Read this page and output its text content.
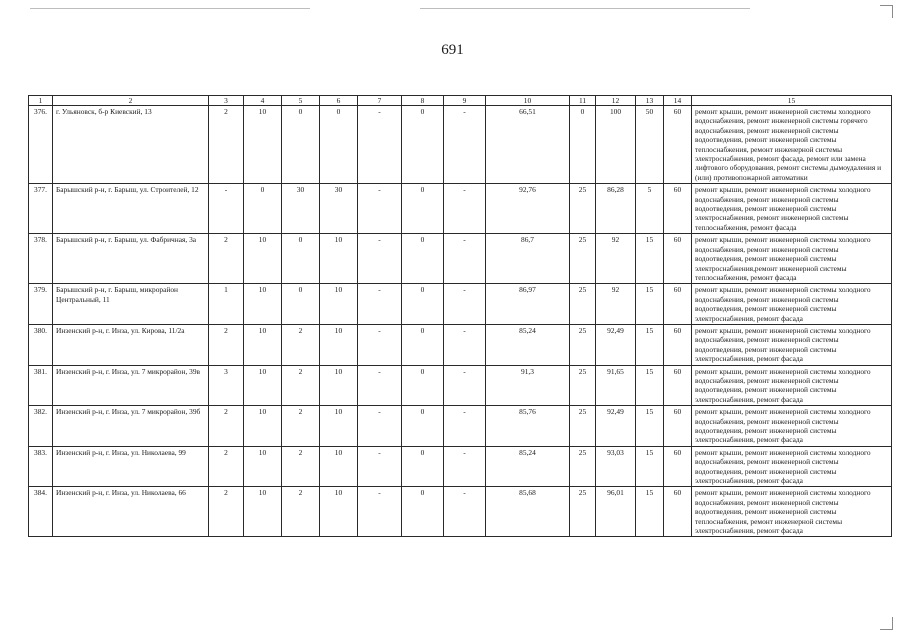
691
1	2	3	4	5	6	7	8	9	10	11	12	13	14	15
376.	г. Ульяновск, б-р Киевский, 13	2	10	0	0	-	0	-	66,51	0	100	50	60	ремонт крыши, ремонт инженерной системы холодного водоснабжения, ремонт инженерной системы горячего водоснабжения, ремонт инженерной системы водоотведения, ремонт инженерной системы теплоснабжения, ремонт инженерной системы электроснабжения, ремонт фасада, ремонт или замена лифтового оборудования, ремонт системы дымоудаления и (или) противопожарной автоматики
377.	Барышский р-н, г. Барыш, ул. Строителей, 12	-	0	30	30	-	0	-	92,76	25	86,28	5	60	ремонт крыши, ремонт инженерной системы холодного водоснабжения, ремонт инженерной системы водоотведения, ремонт инженерной системы электроснабжения, ремонт инженерной системы теплоснабжения, ремонт фасада
378.	Барышский р-н, г. Барыш, ул. Фабричная, 3а	2	10	0	10	-	0	-	86,7	25	92	15	60	ремонт крыши, ремонт инженерной системы холодного водоснабжения, ремонт инженерной системы водоотведения, ремонт инженерной системы электроснабжения,ремонт инженерной системы теплоснабжения, ремонт фасада
379.	Барышский р-н, г. Барыш, микрорайон Центральный, 11	1	10	0	10	-	0	-	86,97	25	92	15	60	ремонт крыши, ремонт инженерной системы холодного водоснабжения, ремонт инженерной системы водоотведения, ремонт инженерной системы электроснабжения, ремонт фасада
380.	Инзенский р-н, г. Инза, ул. Кирова, 11/2а	2	10	2	10	-	0	-	85,24	25	92,49	15	60	ремонт крыши, ремонт инженерной системы холодного водоснабжения, ремонт инженерной системы водоотведения, ремонт инженерной системы электроснабжения, ремонт фасада
381.	Инзенский р-н, г. Инза, ул. 7 микрорайон, 39в	3	10	2	10	-	0	-	91,3	25	91,65	15	60	ремонт крыши, ремонт инженерной системы холодного водоснабжения, ремонт инженерной системы водоотведения, ремонт инженерной системы электроснабжения, ремонт фасада
382.	Инзенский р-н, г. Инза, ул. 7 микрорайон, 39б	2	10	2	10	-	0	-	85,76	25	92,49	15	60	ремонт крыши, ремонт инженерной системы холодного водоснабжения, ремонт инженерной системы водоотведения, ремонт инженерной системы электроснабжения, ремонт фасада
383.	Инзенский р-н, г. Инза, ул. Николаева, 99	2	10	2	10	-	0	-	85,24	25	93,03	15	60	ремонт крыши, ремонт инженерной системы холодного водоснабжения, ремонт инженерной системы водоотведения, ремонт инженерной системы электроснабжения, ремонт фасада
384.	Инзенский р-н, г. Инза, ул. Николаева, 66	2	10	2	10	-	0	-	85,68	25	96,01	15	60	ремонт крыши, ремонт инженерной системы холодного водоснабжения, ремонт инженерной системы водоотведения, ремонт инженерной системы теплоснабжения, ремонт инженерной системы электроснабжения, ремонт фасада
